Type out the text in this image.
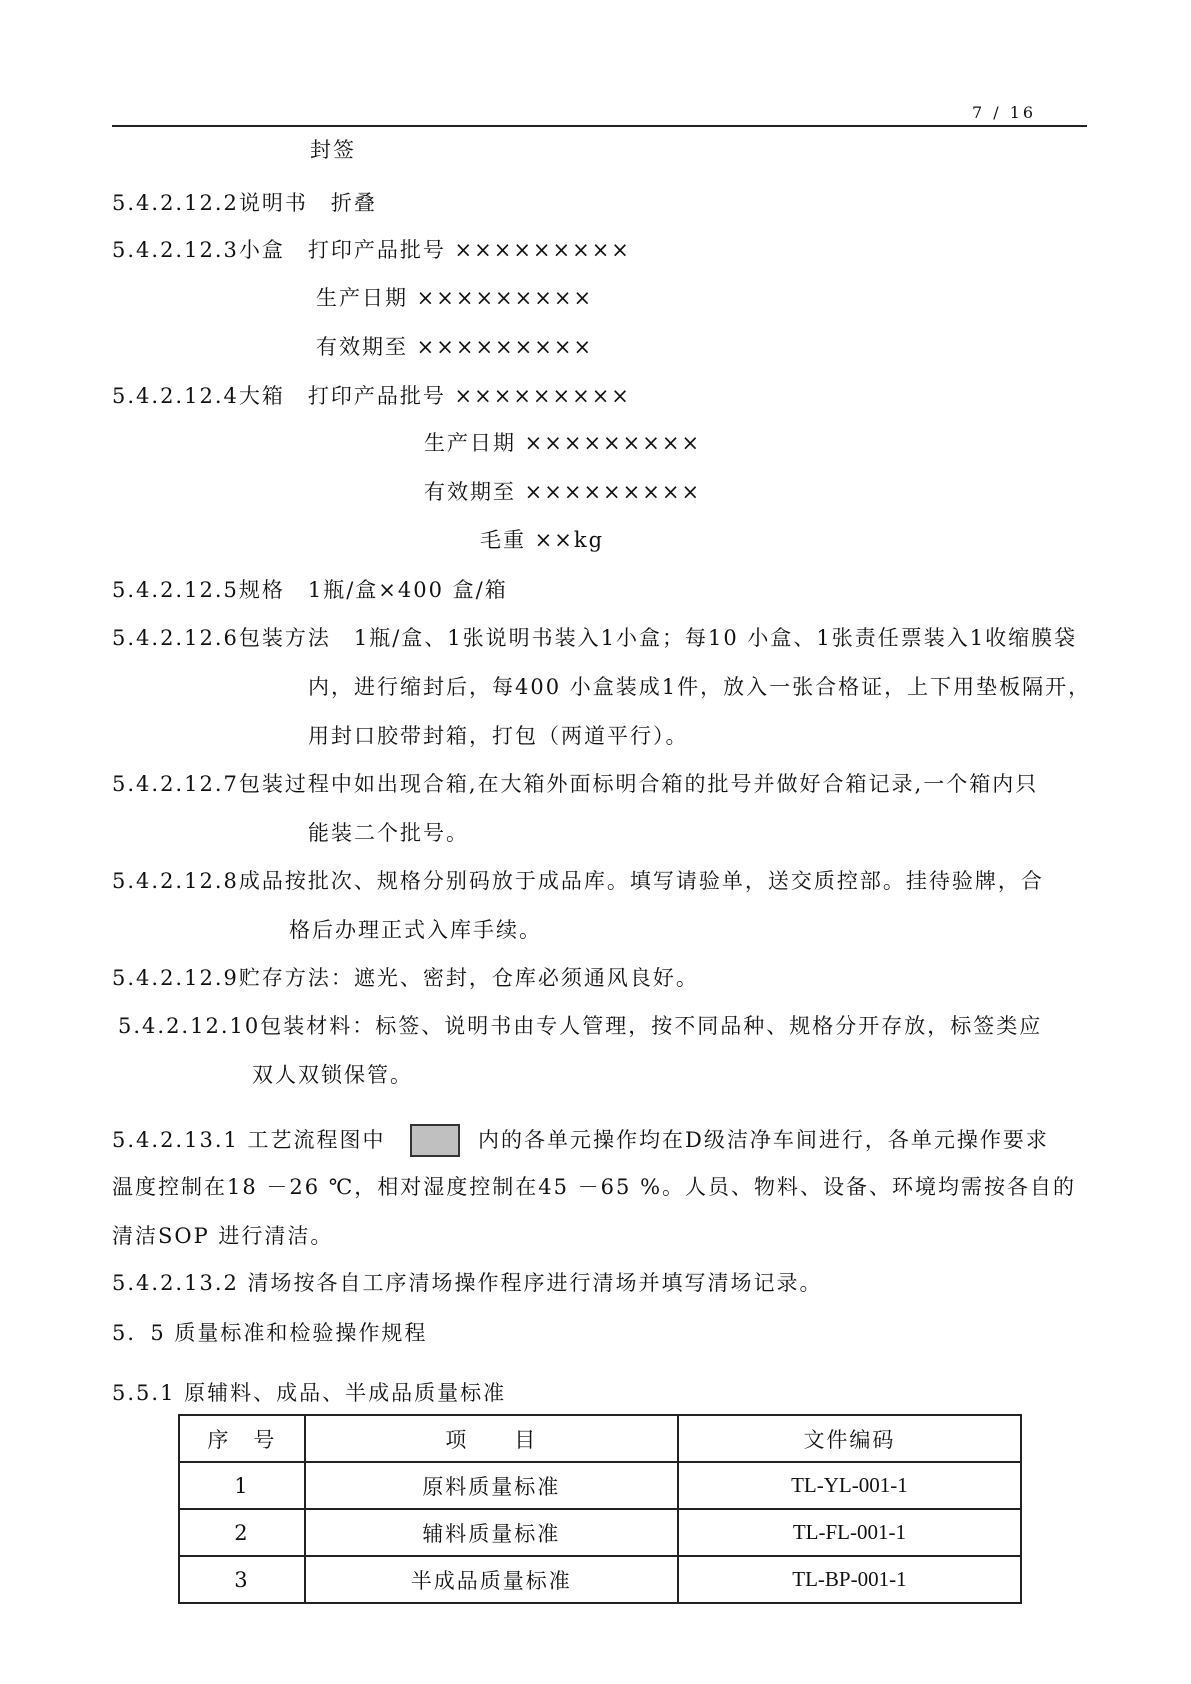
7 / 16
封签
5.4.2.12.2说明书　折叠
5.4.2.12.3小盒　打印产品批号 ×××××××××
生产日期 ×××××××××
有效期至 ×××××××××
5.4.2.12.4大箱　打印产品批号 ×××××××××
生产日期 ×××××××××
有效期至 ×××××××××
毛重 ××kg
5.4.2.12.5规格　1瓶/盒×400 盒/箱
5.4.2.12.6包装方法　1瓶/盒、1张说明书装入1小盒；每10 小盒、1张责任票装入1收缩膜袋
内，进行缩封后，每400 小盒装成1件，放入一张合格证，上下用垫板隔开，
用封口胶带封箱，打包（两道平行）。
5.4.2.12.7包装过程中如出现合箱,在大箱外面标明合箱的批号并做好合箱记录,一个箱内只
能装二个批号。
5.4.2.12.8成品按批次、规格分别码放于成品库。填写请验单，送交质控部。挂待验牌，合
格后办理正式入库手续。
5.4.2.12.9贮存方法：遮光、密封，仓库必须通风良好。
5.4.2.12.10包装材料：标签、说明书由专人管理，按不同品种、规格分开存放，标签类应
双人双锁保管。
5.4.2.13.1 工艺流程图中	内的各单元操作均在D级洁净车间进行，各单元操作要求
温度控制在18 －26 ℃，相对湿度控制在45 －65 %。人员、物料、设备、环境均需按各自的
清洁SOP 进行清洁。
5.4.2.13.2 清场按各自工序清场操作程序进行清场并填写清场记录。
5．5 质量标准和检验操作规程
5.5.1 原辅料、成品、半成品质量标准
序　号	项　　目	文件编码
1	原料质量标准	TL-YL-001-1
2	辅料质量标准	TL-FL-001-1
3	半成品质量标准	TL-BP-001-1
